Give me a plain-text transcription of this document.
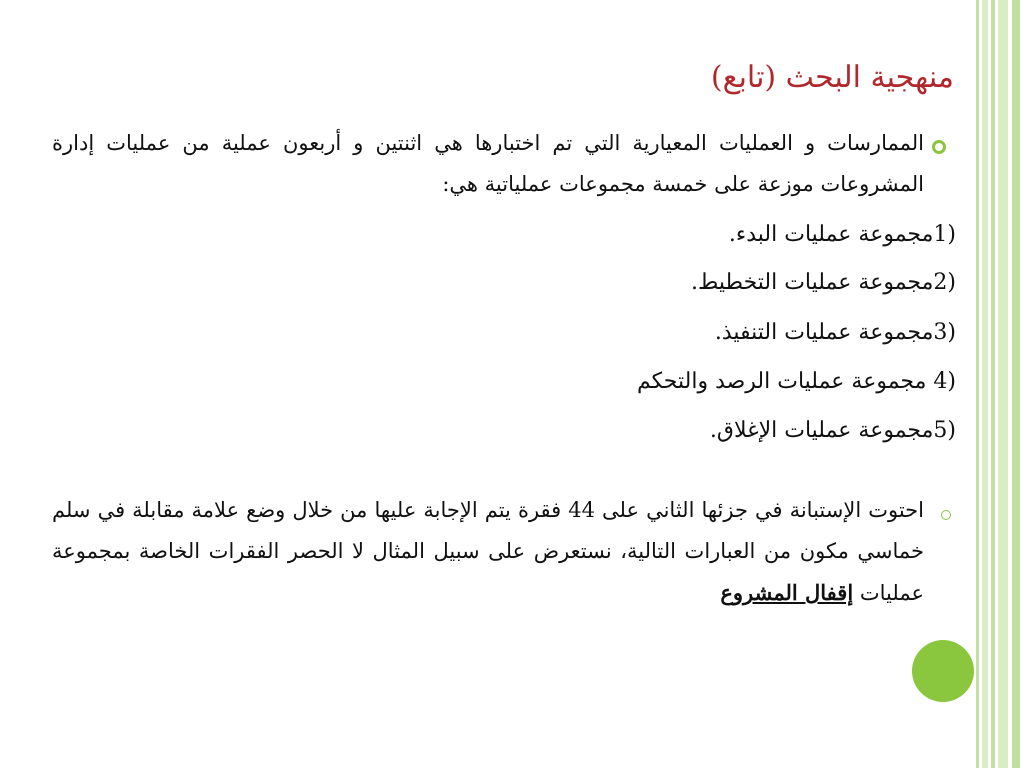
منهجية البحث (تابع)
الممارسات و العمليات المعيارية التي تم اختبارها هي اثنتين و أربعون عملية من عمليات إدارة المشروعات موزعة على خمسة مجموعات عملياتية هي:
1)مجموعة عمليات البدء.
2)مجموعة عمليات التخطيط.
3)مجموعة عمليات التنفيذ.
4) مجموعة عمليات الرصد والتحكم
5)مجموعة عمليات الإغلاق.
احتوت الإستبانة في جزئها الثاني على 44 فقرة يتم الإجابة عليها من خلال وضع علامة مقابلة في سلم خماسي مكون من العبارات التالية، نستعرض على سبيل المثال لا الحصر الفقرات الخاصة بمجموعة عمليات إقفال المشروع
